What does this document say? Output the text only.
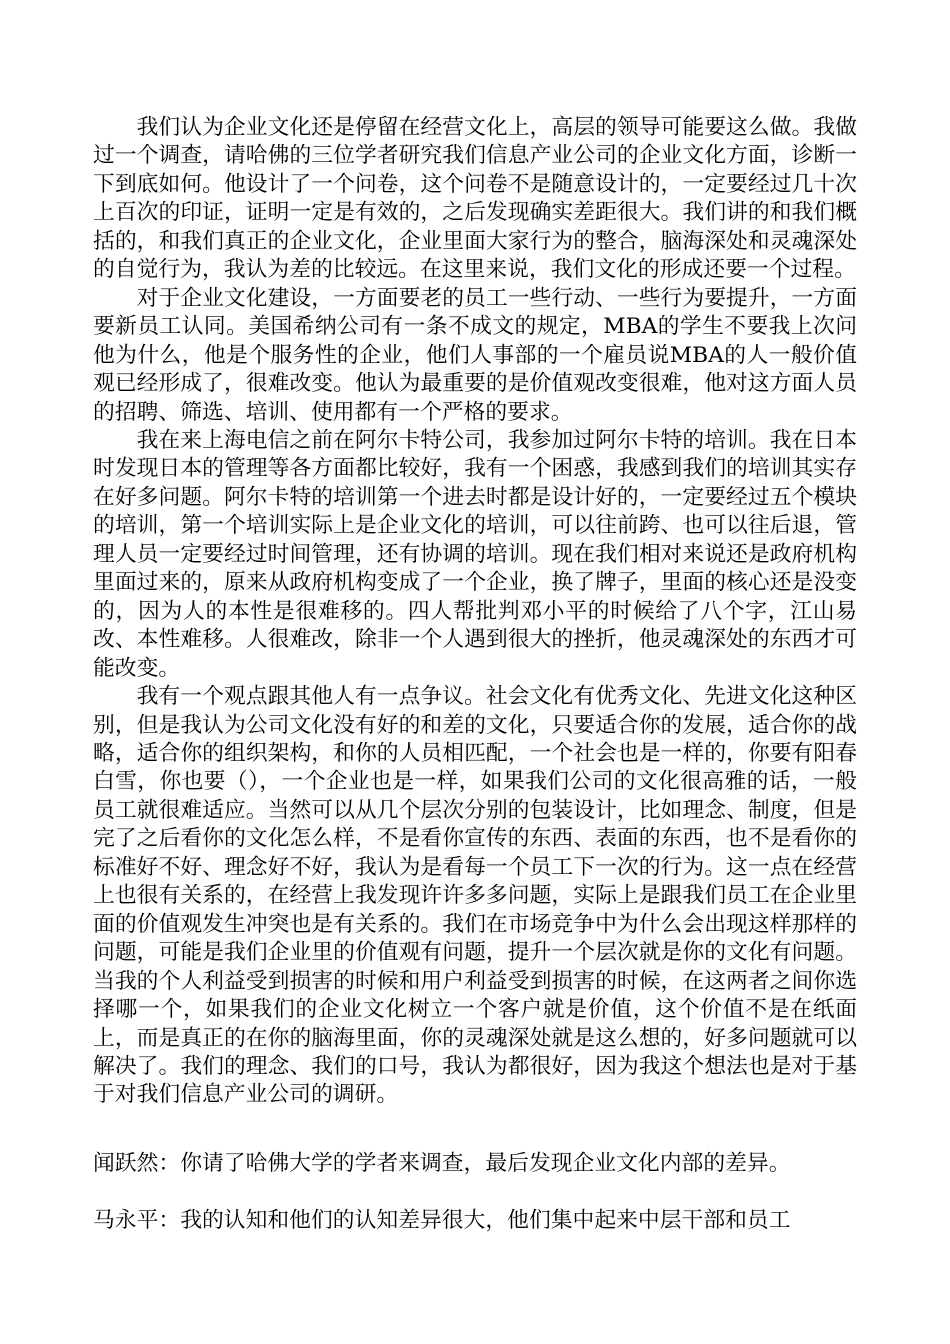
我们认为企业文化还是停留在经营文化上，高层的领导可能要这么做。我做过一个调查，请哈佛的三位学者研究我们信息产业公司的企业文化方面，诊断一下到底如何。他设计了一个问卷，这个问卷不是随意设计的，一定要经过几十次上百次的印证，证明一定是有效的，之后发现确实差距很大。我们讲的和我们概括的，和我们真正的企业文化，企业里面大家行为的整合，脑海深处和灵魂深处的自觉行为，我认为差的比较远。在这里来说，我们文化的形成还要一个过程。

对于企业文化建设，一方面要老的员工一些行动、一些行为要提升，一方面要新员工认同。美国希纳公司有一条不成文的规定，MBA的学生不要我上次问他为什么，他是个服务性的企业，他们人事部的一个雇员说MBA的人一般价值观已经形成了，很难改变。他认为最重要的是价值观改变很难，他对这方面人员的招聘、筛选、培训、使用都有一个严格的要求。

我在来上海电信之前在阿尔卡特公司，我参加过阿尔卡特的培训。我在日本时发现日本的管理等各方面都比较好，我有一个困惑，我感到我们的培训其实存在好多问题。阿尔卡特的培训第一个进去时都是设计好的，一定要经过五个模块的培训，第一个培训实际上是企业文化的培训，可以往前跨、也可以往后退，管理人员一定要经过时间管理，还有协调的培训。现在我们相对来说还是政府机构里面过来的，原来从政府机构变成了一个企业，换了牌子，里面的核心还是没变的，因为人的本性是很难移的。四人帮批判邓小平的时候给了八个字，江山易改、本性难移。人很难改，除非一个人遇到很大的挫折，他灵魂深处的东西才可能改变。

我有一个观点跟其他人有一点争议。社会文化有优秀文化、先进文化这种区别，但是我认为公司文化没有好的和差的文化，只要适合你的发展，适合你的战略，适合你的组织架构，和你的人员相匹配，一个社会也是一样的，你要有阳春白雪，你也要（），一个企业也是一样，如果我们公司的文化很高雅的话，一般员工就很难适应。当然可以从几个层次分别的包装设计，比如理念、制度，但是完了之后看你的文化怎么样，不是看你宣传的东西、表面的东西，也不是看你的标准好不好、理念好不好，我认为是看每一个员工下一次的行为。这一点在经营上也很有关系的，在经营上我发现许许多多问题，实际上是跟我们员工在企业里面的价值观发生冲突也是有关系的。我们在市场竞争中为什么会出现这样那样的问题，可能是我们企业里的价值观有问题，提升一个层次就是你的文化有问题。当我的个人利益受到损害的时候和用户利益受到损害的时候，在这两者之间你选择哪一个，如果我们的企业文化树立一个客户就是价值，这个价值不是在纸面上，而是真正的在你的脑海里面，你的灵魂深处就是这么想的，好多问题就可以解决了。我们的理念、我们的口号，我认为都很好，因为我这个想法也是对于基于对我们信息产业公司的调研。

闻跃然：你请了哈佛大学的学者来调查，最后发现企业文化内部的差异。

马永平：我的认知和他们的认知差异很大，他们集中起来中层干部和员工
